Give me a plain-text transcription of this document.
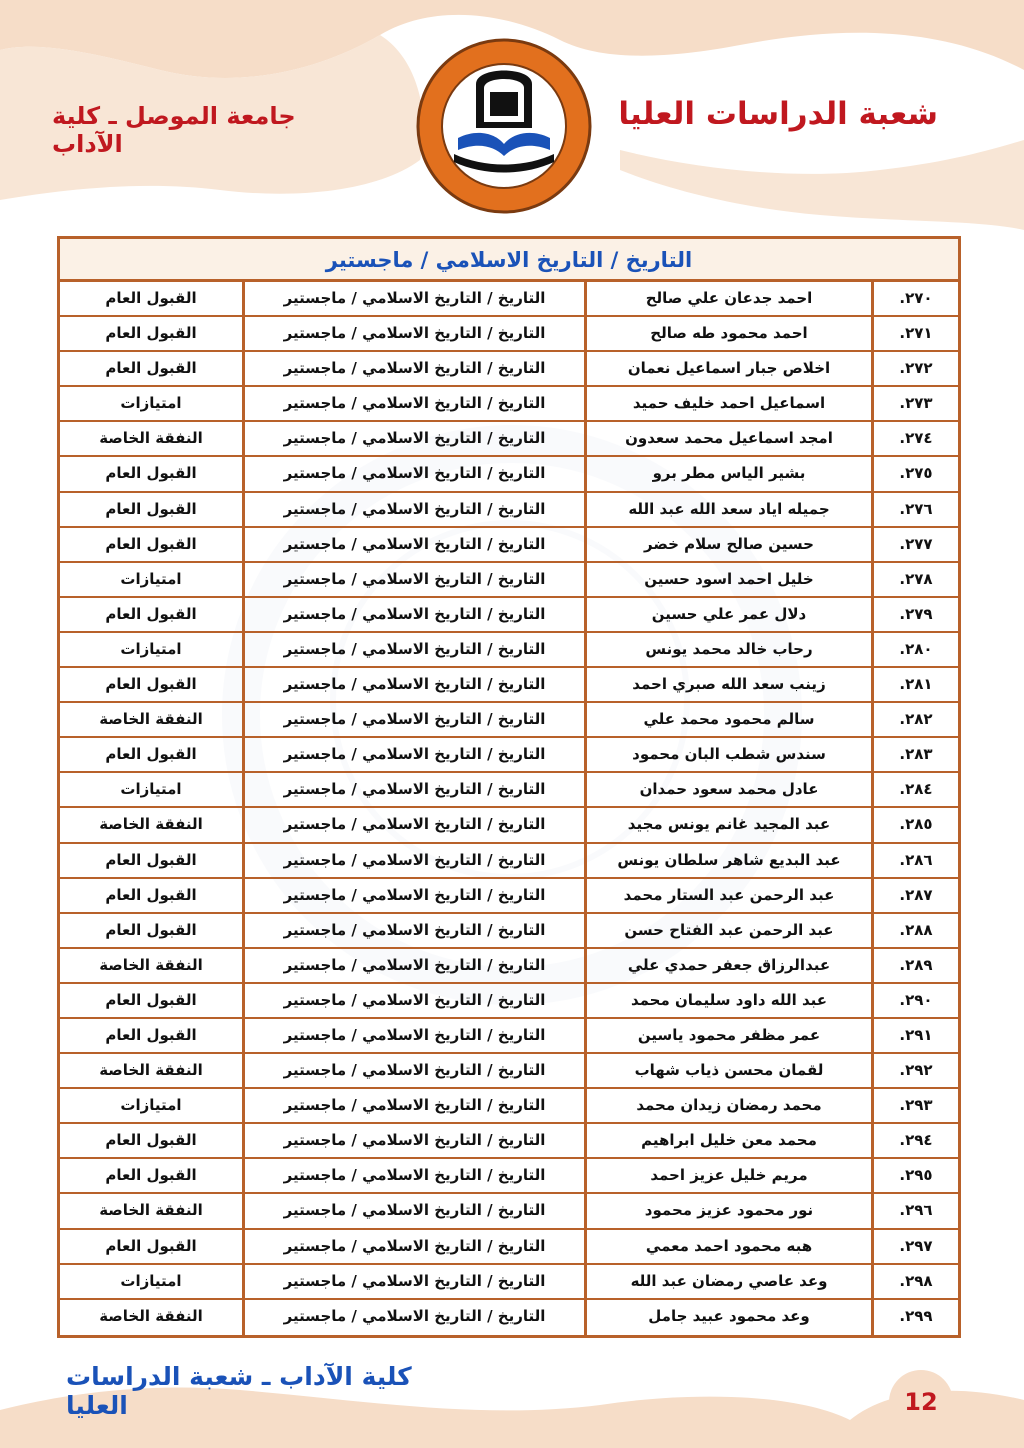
شعبة الدراسات العليا
جامعة الموصل ـ كلية الآداب
التاريخ / التاريخ الاسلامي / ماجستير
٢٧٠.
احمد جدعان علي صالح
التاريخ / التاريخ الاسلامي / ماجستير
القبول العام
٢٧١.
احمد محمود طه صالح
التاريخ / التاريخ الاسلامي / ماجستير
القبول العام
٢٧٢.
اخلاص جبار اسماعيل نعمان
التاريخ / التاريخ الاسلامي / ماجستير
القبول العام
٢٧٣.
اسماعيل احمد خليف حميد
التاريخ / التاريخ الاسلامي / ماجستير
امتيازات
٢٧٤.
امجد اسماعيل محمد سعدون
التاريخ / التاريخ الاسلامي / ماجستير
النفقة الخاصة
٢٧٥.
بشير الياس مطر برو
التاريخ / التاريخ الاسلامي / ماجستير
القبول العام
٢٧٦.
جميله اياد سعد الله عبد الله
التاريخ / التاريخ الاسلامي / ماجستير
القبول العام
٢٧٧.
حسين صالح سلام خضر
التاريخ / التاريخ الاسلامي / ماجستير
القبول العام
٢٧٨.
خليل احمد اسود حسين
التاريخ / التاريخ الاسلامي / ماجستير
امتيازات
٢٧٩.
دلال عمر علي حسين
التاريخ / التاريخ الاسلامي / ماجستير
القبول العام
٢٨٠.
رحاب خالد محمد يونس
التاريخ / التاريخ الاسلامي / ماجستير
امتيازات
٢٨١.
زينب سعد الله صبري احمد
التاريخ / التاريخ الاسلامي / ماجستير
القبول العام
٢٨٢.
سالم محمود محمد علي
التاريخ / التاريخ الاسلامي / ماجستير
النفقة الخاصة
٢٨٣.
سندس شطب البان محمود
التاريخ / التاريخ الاسلامي / ماجستير
القبول العام
٢٨٤.
عادل محمد سعود حمدان
التاريخ / التاريخ الاسلامي / ماجستير
امتيازات
٢٨٥.
عبد المجيد غانم يونس مجيد
التاريخ / التاريخ الاسلامي / ماجستير
النفقة الخاصة
٢٨٦.
عبد البديع شاهر سلطان يونس
التاريخ / التاريخ الاسلامي / ماجستير
القبول العام
٢٨٧.
عبد الرحمن عبد الستار محمد
التاريخ / التاريخ الاسلامي / ماجستير
القبول العام
٢٨٨.
عبد الرحمن عبد الفتاح حسن
التاريخ / التاريخ الاسلامي / ماجستير
القبول العام
٢٨٩.
عبدالرزاق جعفر حمدي علي
التاريخ / التاريخ الاسلامي / ماجستير
النفقة الخاصة
٢٩٠.
عبد الله داود سليمان محمد
التاريخ / التاريخ الاسلامي / ماجستير
القبول العام
٢٩١.
عمر مظفر محمود ياسين
التاريخ / التاريخ الاسلامي / ماجستير
القبول العام
٢٩٢.
لقمان محسن ذياب شهاب
التاريخ / التاريخ الاسلامي / ماجستير
النفقة الخاصة
٢٩٣.
محمد رمضان زيدان محمد
التاريخ / التاريخ الاسلامي / ماجستير
امتيازات
٢٩٤.
محمد معن خليل ابراهيم
التاريخ / التاريخ الاسلامي / ماجستير
القبول العام
٢٩٥.
مريم خليل عزيز احمد
التاريخ / التاريخ الاسلامي / ماجستير
القبول العام
٢٩٦.
نور محمود عزيز محمود
التاريخ / التاريخ الاسلامي / ماجستير
النفقة الخاصة
٢٩٧.
هبه محمود احمد معمي
التاريخ / التاريخ الاسلامي / ماجستير
القبول العام
٢٩٨.
وعد عاصي رمضان عبد الله
التاريخ / التاريخ الاسلامي / ماجستير
امتيازات
٢٩٩.
وعد محمود عبيد جامل
التاريخ / التاريخ الاسلامي / ماجستير
النفقة الخاصة
كلية الآداب ـ شعبة الدراسات العليا	12
